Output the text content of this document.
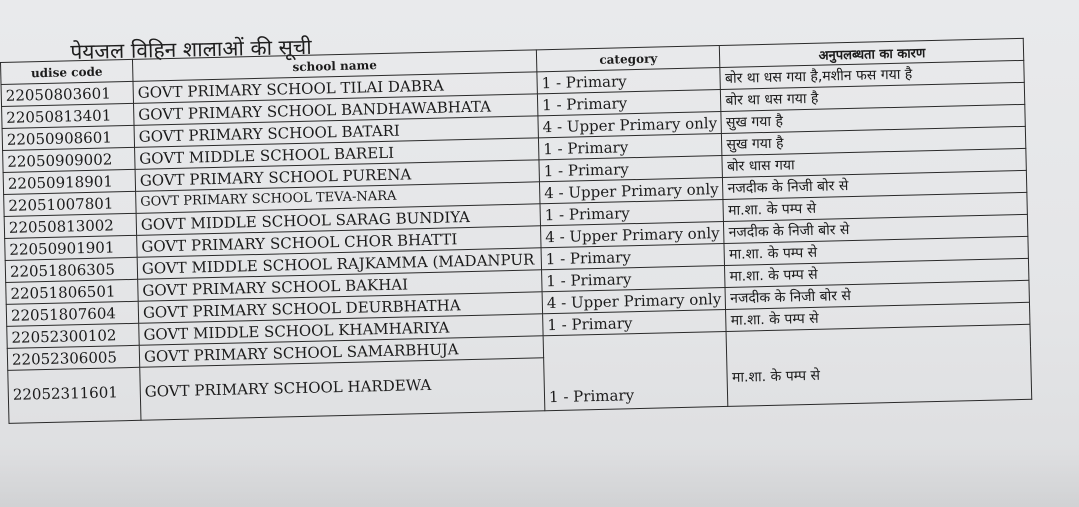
पेयजल विहिन शालाओं की सूची
udise code	school name	category	अनुपलब्धता का कारण
22050803601	GOVT PRIMARY SCHOOL TILAI DABRA	1 - Primary	बोर था धस गया है,मशीन फस गया है
22050813401	GOVT PRIMARY SCHOOL BANDHAWABHATA	1 - Primary	बोर था धस गया है
22050908601	GOVT PRIMARY SCHOOL BATARI	4 - Upper Primary only	सुख गया है
22050909002	GOVT MIDDLE SCHOOL BARELI	1 - Primary	सुख गया है
22050918901	GOVT PRIMARY SCHOOL PURENA	1 - Primary	बोर धास गया
22051007801	GOVT PRIMARY SCHOOL TEVA-NARA	4 - Upper Primary only	नजदीक के निजी बोर से
22050813002	GOVT MIDDLE SCHOOL SARAG BUNDIYA	1 - Primary	मा.शा. के पम्प से
22050901901	GOVT PRIMARY SCHOOL CHOR BHATTI	4 - Upper Primary only	नजदीक के निजी बोर से
22051806305	GOVT MIDDLE SCHOOL RAJKAMMA (MADANPUR	1 - Primary	मा.शा. के पम्प से
22051806501	GOVT PRIMARY SCHOOL BAKHAI	1 - Primary	मा.शा. के पम्प से
22051807604	GOVT PRIMARY SCHOOL DEURBHATHA	4 - Upper Primary only	नजदीक के निजी बोर से
22052300102	GOVT MIDDLE SCHOOL KHAMHARIYA	1 - Primary	मा.शा. के पम्प से
22052306005	GOVT PRIMARY SCHOOL SAMARBHUJA		
22052311601	GOVT PRIMARY SCHOOL HARDEWA	1 - Primary	मा.शा. के पम्प से
